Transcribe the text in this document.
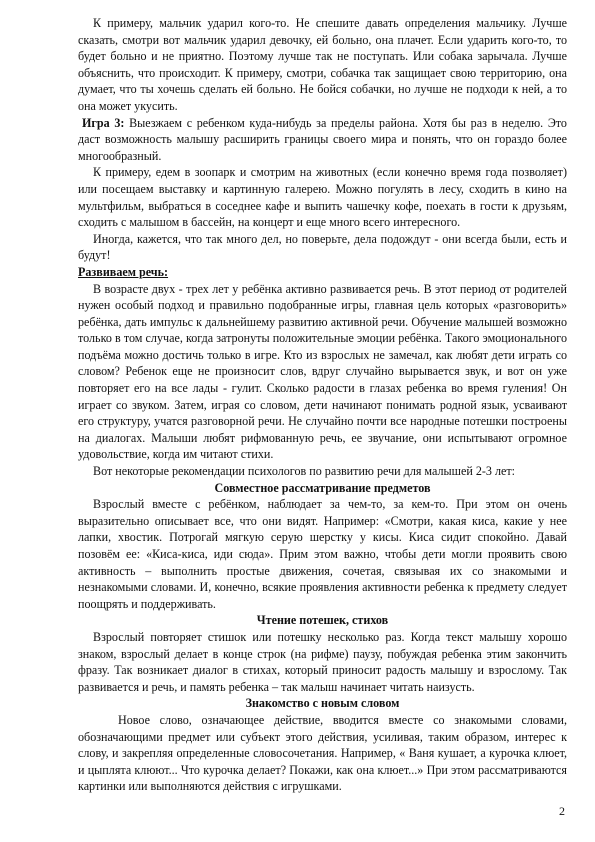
К примеру, мальчик ударил кого-то. Не спешите давать определения мальчику. Лучше сказать, смотри вот мальчик ударил девочку, ей больно, она плачет. Если ударить кого-то, то будет больно и не приятно. Поэтому лучше так не поступать. Или собака зарычала. Лучше объяснить, что происходит. К примеру, смотри, собачка так защищает свою территорию, она думает, что ты хочешь сделать ей больно. Не бойся собачки, но лучше не подходи к ней, а то она может укусить.

Игра 3: Выезжаем с ребенком куда-нибудь за пределы района. Хотя бы раз в неделю. Это даст возможность малышу расширить границы своего мира и понять, что он гораздо более многообразный.

К примеру, едем в зоопарк и смотрим на животных (если конечно время года позволяет) или посещаем выставку и картинную галерею. Можно погулять в лесу, сходить в кино на мультфильм, выбраться в соседнее кафе и выпить чашечку кофе, поехать в гости к друзьям, сходить с малышом в бассейн, на концерт и еще много всего интересного.

Иногда, кажется, что так много дел, но поверьте, дела подождут - они всегда были, есть и будут!

Развиваем речь:

В возрасте двух - трех лет у ребёнка активно развивается речь. В этот период от родителей нужен особый подход и правильно подобранные игры, главная цель которых «разговорить» ребёнка, дать импульс к дальнейшему развитию активной речи. Обучение малышей возможно только в том случае, когда затронуты положительные эмоции ребёнка. Такого эмоционального подъёма можно достичь только в игре. Кто из взрослых не замечал, как любят дети играть со словом? Ребенок еще не произносит слов, вдруг случайно вырывается звук, и вот он уже повторяет его на все лады - гулит. Сколько радости в глазах ребенка во время гуления! Он играет со звуком. Затем, играя со словом, дети начинают понимать родной язык, усваивают его структуру, учатся разговорной речи. Не случайно почти все народные потешки построены на диалогах. Малыши любят рифмованную речь, ее звучание, они испытывают огромное удовольствие, когда им читают стихи.

Вот некоторые рекомендации психологов по развитию речи для малышей 2-3 лет:

Совместное рассматривание предметов

Взрослый вместе с ребёнком, наблюдает за чем-то, за кем-то. При этом он очень выразительно описывает все, что они видят. Например: «Смотри, какая киса, какие у нее лапки, хвостик. Потрогай мягкую серую шерстку у кисы. Киса сидит спокойно. Давай позовём ее: «Киса-киса, иди сюда». Прим этом важно, чтобы дети могли проявить свою активность – выполнить простые движения, сочетая, связывая их со знакомыми и незнакомыми словами. И, конечно, всякие проявления активности ребенка к предмету следует поощрять и поддерживать.

Чтение потешек, стихов

Взрослый повторяет стишок или потешку несколько раз. Когда текст малышу хорошо знаком, взрослый делает в конце строк (на рифме) паузу, побуждая ребенка этим закончить фразу. Так возникает диалог в стихах, который приносит радость малышу и взрослому. Так развивается и речь, и память ребенка – так малыш начинает читать наизусть.

Знакомство с новым словом

Новое слово, означающее действие, вводится вместе со знакомыми словами, обозначающими предмет или субъект этого действия, усиливая, таким образом, интерес к слову, и закрепляя определенные словосочетания. Например, « Ваня кушает, а курочка клюет, и цыплята клюют... Что курочка делает? Покажи, как она клюет...» При этом рассматриваются картинки или выполняются действия с игрушками.

2
